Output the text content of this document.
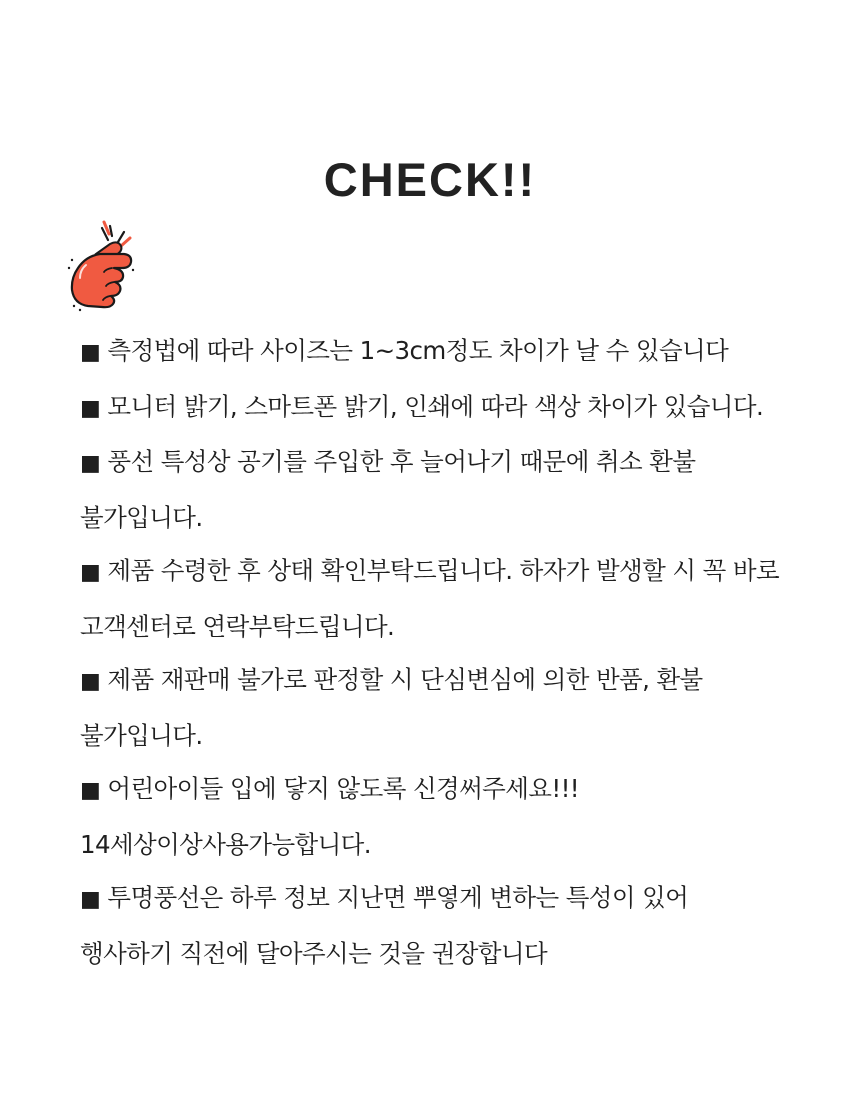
CHECK!!
■ 측정법에 따라 사이즈는 1~3cm정도 차이가 날 수 있습니다
■ 모니터 밝기, 스마트폰 밝기, 인쇄에 따라 색상 차이가 있습니다.
■ 풍선 특성상 공기를 주입한 후 늘어나기 때문에 취소 환불 불가입니다.
■ 제품 수령한 후 상태 확인부탁드립니다. 하자가 발생할 시 꼭 바로 고객센터로 연락부탁드립니다.
■ 제품 재판매 불가로 판정할 시 단심변심에 의한 반품, 환불 불가입니다.
■ 어린아이들 입에 닿지 않도록 신경써주세요!!! 14세상이상사용가능합니다.
■ 투명풍선은 하루 정보 지난면 뿌옇게 변하는 특성이 있어 행사하기 직전에 달아주시는 것을 권장합니다
